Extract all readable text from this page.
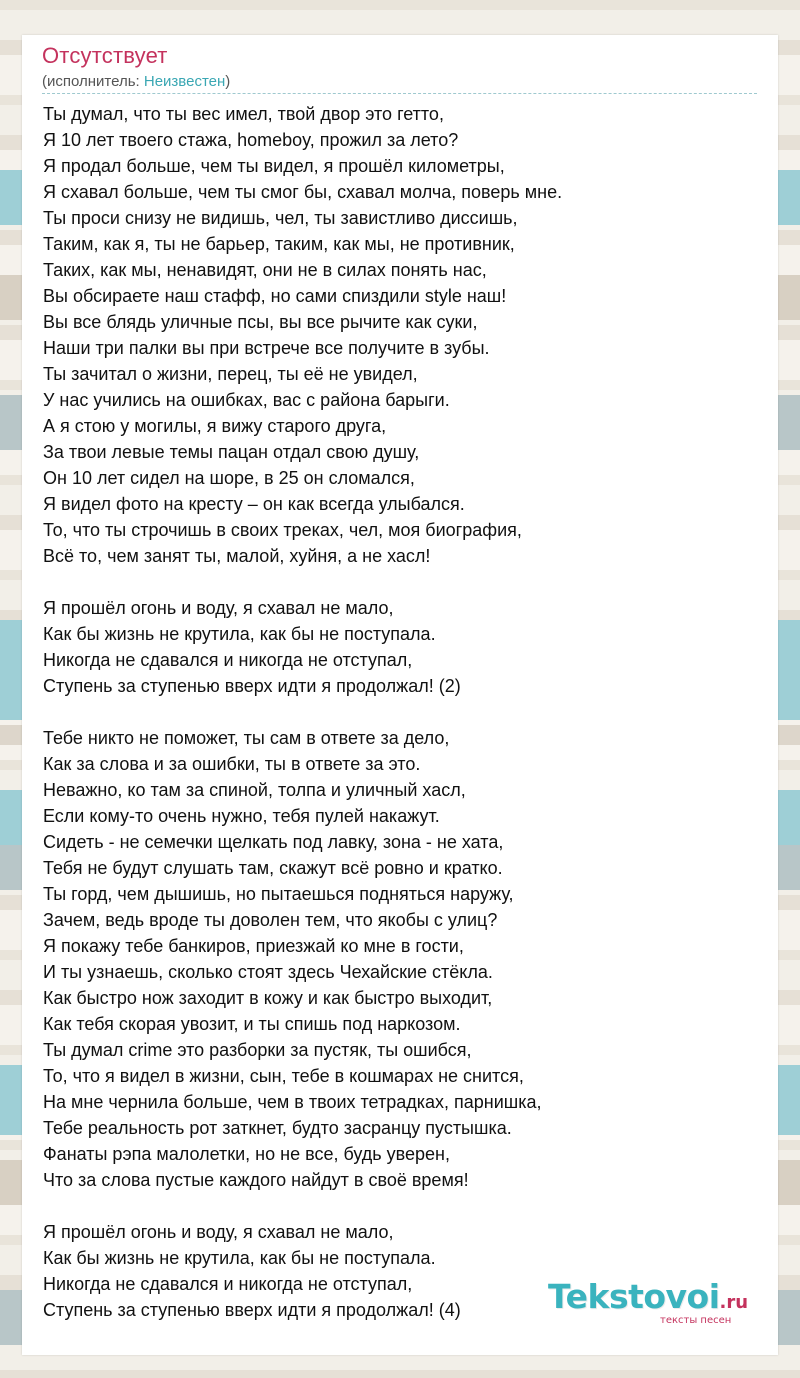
Отсутствует
(исполнитель: Неизвестен)
Ты думал, что ты вес имел, твой двор это гетто,
Я 10 лет твоего стажа, homeboy, прожил за лето?
Я продал больше, чем ты видел, я прошёл километры,
Я схавал больше, чем ты смог бы, схавал молча, поверь мне.
Ты проси снизу не видишь, чел, ты завистливо диссишь,
Таким, как я, ты не барьер, таким, как мы, не противник,
Таких, как мы, ненавидят, они не в силах понять нас,
Вы обсираете наш стафф, но сами спиздили style наш!
Вы все блядь уличные псы, вы все рычите как суки,
Наши три палки вы при встрече все получите в зубы.
Ты зачитал о жизни, перец, ты её не увидел,
У нас учились на ошибках, вас с района барыги.
А я стою у могилы, я вижу старого друга,
За твои левые темы пацан отдал свою душу,
Он 10 лет сидел на шоре, в 25 он сломался,
Я видел фото на кресту – он как всегда улыбался.
То, что ты строчишь в своих треках, чел, моя биография,
Всё то, чем занят ты, малой, хуйня, а не хасл!
Я прошёл огонь и воду, я схавал не мало,
Как бы жизнь не крутила, как бы не поступала.
Никогда не сдавался и никогда не отступал,
Ступень за ступенью вверх идти я продолжал! (2)
Тебе никто не поможет, ты сам в ответе за дело,
Как за слова и за ошибки, ты в ответе за это.
Неважно, ко там за спиной, толпа и уличный хасл,
Если кому-то очень нужно, тебя пулей накажут.
Сидеть - не семечки щелкать под лавку, зона - не хата,
Тебя не будут слушать там, скажут всё ровно и кратко.
Ты горд, чем дышишь, но пытаешься подняться наружу,
Зачем, ведь вроде ты доволен тем, что якобы с улиц?
Я покажу тебе банкиров, приезжай ко мне в гости,
И ты узнаешь, сколько стоят здесь Чехайские стёкла.
Как быстро нож заходит в кожу и как быстро выходит,
Как тебя скорая увозит, и ты спишь под наркозом.
Ты думал crime это разборки за пустяк, ты ошибся,
То, что я видел в жизни, сын, тебе в кошмарах не снится,
На мне чернила больше, чем в твоих тетрадках, парнишка,
Тебе реальность рот заткнет, будто засранцу пустышка.
Фанаты рэпа малолетки, но не все, будь уверен,
Что за слова пустые каждого найдут в своё время!
Я прошёл огонь и воду, я схавал не мало,
Как бы жизнь не крутила, как бы не поступала.
Никогда не сдавался и никогда не отступал,
Ступень за ступенью вверх идти я продолжал! (4)	Tekstovoi.ru
тексты песен
